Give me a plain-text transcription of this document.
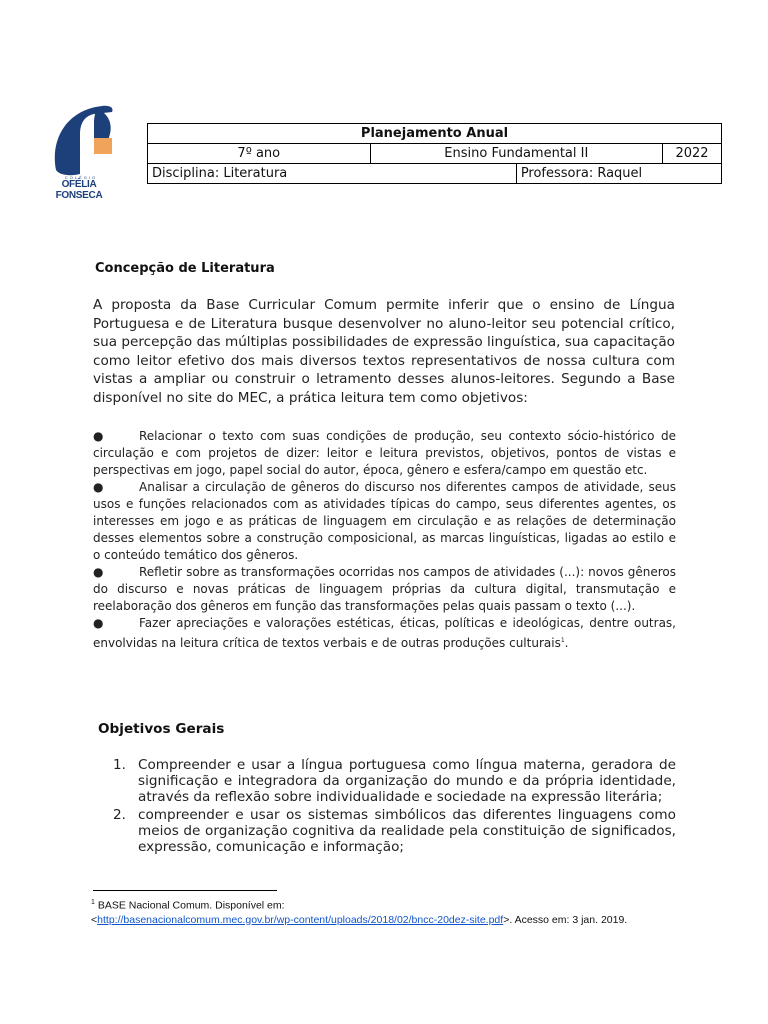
COLÉGIO
OFÉLIA FONSECA
Planejamento Anual			
7º ano	Ensino Fundamental II		2022
Disciplina: Literatura		Professora: Raquel	
Concepção de Literatura
A proposta da Base Curricular Comum permite inferir que o ensino de Língua Portuguesa e de Literatura busque desenvolver no aluno-leitor seu potencial crítico, sua percepção das múltiplas possibilidades de expressão linguística, sua capacitação como leitor efetivo dos mais diversos textos representativos de nossa cultura com vistas a ampliar ou construir o letramento desses alunos-leitores. Segundo a Base disponível no site do MEC, a prática leitura tem como objetivos:
●	Relacionar o texto com suas condições de produção, seu contexto sócio-histórico de circulação e com projetos de dizer: leitor e leitura previstos, objetivos, pontos de vistas e perspectivas em jogo, papel social do autor, época, gênero e esfera/campo em questão etc.
●	Analisar a circulação de gêneros do discurso nos diferentes campos de atividade, seus usos e funções relacionados com as atividades típicas do campo, seus diferentes agentes, os interesses em jogo e as práticas de linguagem em circulação e as relações de determinação desses elementos sobre a construção composicional, as marcas linguísticas, ligadas ao estilo e o conteúdo temático dos gêneros.
●	Refletir sobre as transformações ocorridas nos campos de atividades (...): novos gêneros do discurso e novas práticas de linguagem próprias da cultura digital, transmutação e reelaboração dos gêneros em função das transformações pelas quais passam o texto (...).
●	Fazer apreciações e valorações estéticas, éticas, políticas e ideológicas, dentre outras, envolvidas na leitura crítica de textos verbais e de outras produções culturais$^1$.
Objetivos Gerais
1. Compreender e usar a língua portuguesa como língua materna, geradora de significação e integradora da organização do mundo e da própria identidade, através da reflexão sobre individualidade e sociedade na expressão literária;
2. compreender e usar os sistemas simbólicos das diferentes linguagens como meios de organização cognitiva da realidade pela constituição de significados, expressão, comunicação e informação;
$^1$ BASE Nacional Comum. Disponível em:
<http://basenacionalcomum.mec.gov.br/wp-content/uploads/2018/02/bncc-20dez-site.pdf>. Acesso em: 3 jan. 2019.
